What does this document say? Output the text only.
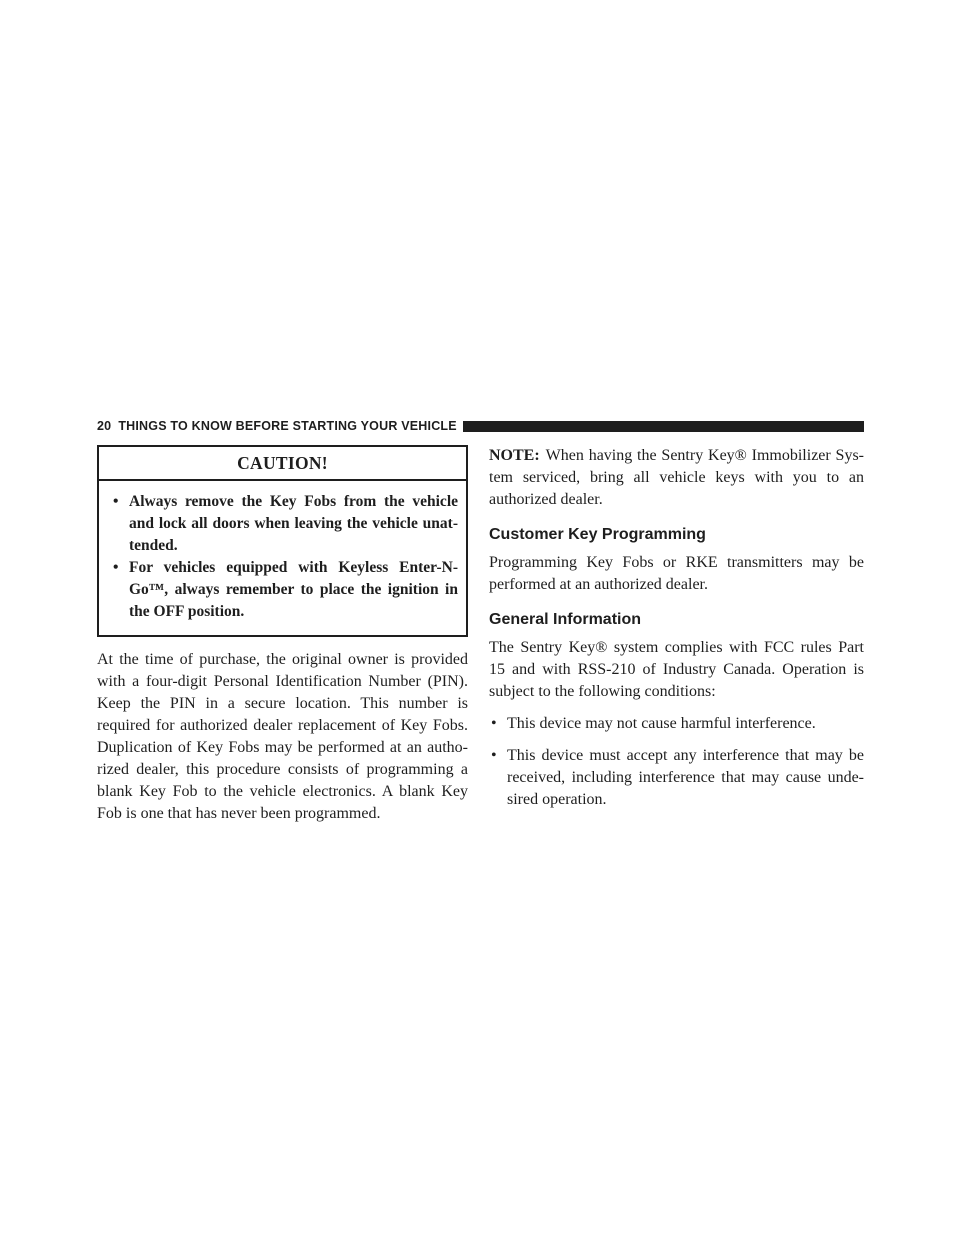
20 THINGS TO KNOW BEFORE STARTING YOUR VEHICLE
CAUTION!
• Always remove the Key Fobs from the vehicle and lock all doors when leaving the vehicle unat-tended.
• For vehicles equipped with Keyless Enter-N-Go™, always remember to place the ignition in the OFF position.

At the time of purchase, the original owner is provided with a four-digit Personal Identification Number (PIN). Keep the PIN in a secure location. This number is required for authorized dealer replacement of Key Fobs. Duplication of Key Fobs may be performed at an autho-rized dealer, this procedure consists of programming a blank Key Fob to the vehicle electronics. A blank Key Fob is one that has never been programmed.

NOTE: When having the Sentry Key® Immobilizer Sys-tem serviced, bring all vehicle keys with you to an authorized dealer.

Customer Key Programming

Programming Key Fobs or RKE transmitters may be performed at an authorized dealer.

General Information

The Sentry Key® system complies with FCC rules Part 15 and with RSS-210 of Industry Canada. Operation is subject to the following conditions:

• This device may not cause harmful interference.
• This device must accept any interference that may be received, including interference that may cause unde-sired operation.
